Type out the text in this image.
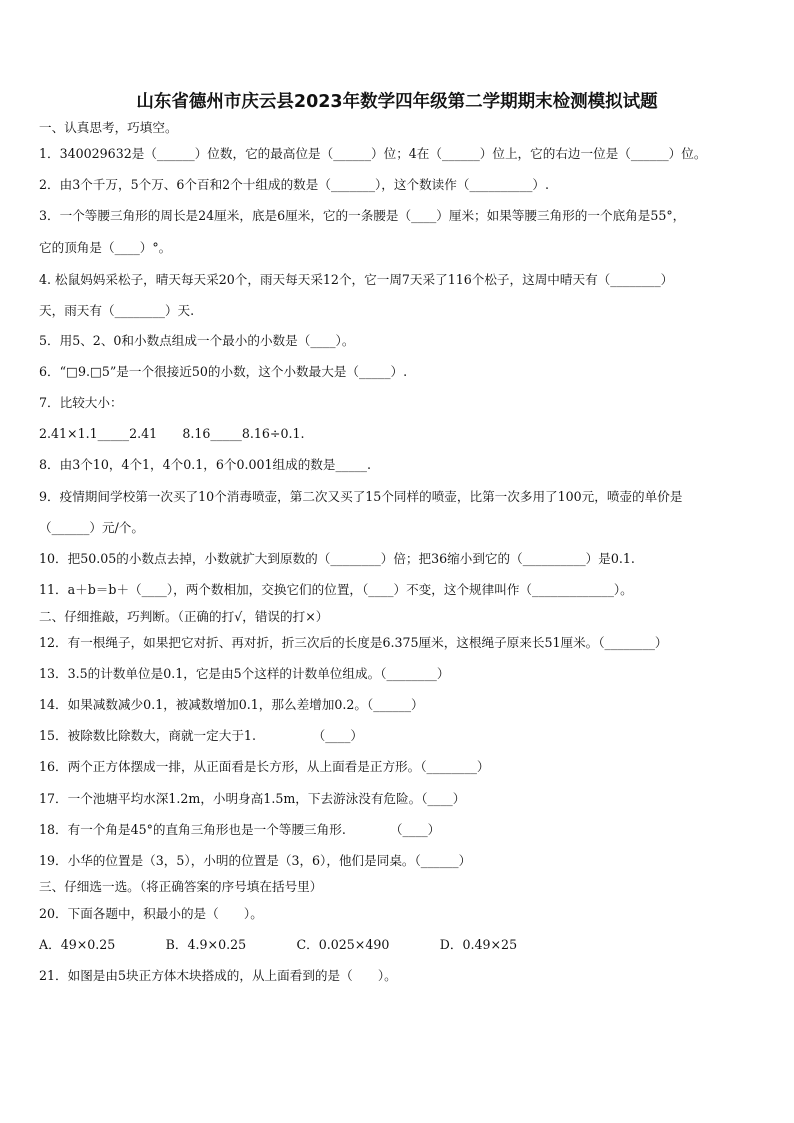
山东省德州市庆云县2023年数学四年级第二学期期末检测模拟试题
一、认真思考，巧填空。
1．340029632是（______）位数，它的最高位是（______）位；4在（______）位上，它的右边一位是（______）位。
2．由3个千万，5个万、6个百和2个十组成的数是（_______），这个数读作（__________）.
3．一个等腰三角形的周长是24厘米，底是6厘米，它的一条腰是（____）厘米；如果等腰三角形的一个底角是55°，
它的顶角是（____）°。
4. 松鼠妈妈采松子，晴天每天采20个，雨天每天采12个，它一周7天采了116个松子，这周中晴天有（________）
天，雨天有（________）天.
5．用5、2、0和小数点组成一个最小的小数是（____）。
6．“□9.□5”是一个很接近50的小数，这个小数最大是（_____）.
7．比较大小：
2.41×1.1_____2.41　　8.16_____8.16÷0.1.
8．由3个10，4个1，4个0.1，6个0.001组成的数是_____.
9．疫情期间学校第一次买了10个消毒喷壶，第二次又买了15个同样的喷壶，比第一次多用了100元，喷壶的单价是
（______）元/个。
10．把50.05的小数点去掉，小数就扩大到原数的（________）倍；把36缩小到它的（__________）是0.1.
11．a＋b＝b＋（____），两个数相加，交换它们的位置，（____）不变，这个规律叫作（_____________）。
二、仔细推敲，巧判断。（正确的打√，错误的打×）
12．有一根绳子，如果把它对折、再对折，折三次后的长度是6.375厘米，这根绳子原来长51厘米。（________）
13．3.5的计数单位是0.1，它是由5个这样的计数单位组成。（________）
14．如果减数减少0.1，被减数增加0.1，那么差增加0.2。（______）
15．被除数比除数大，商就一定大于1.　　　　　（____）
16．两个正方体摆成一排，从正面看是长方形，从上面看是正方形。（________）
17．一个池塘平均水深1.2m，小明身高1.5m，下去游泳没有危险。（____）
18．有一个角是45°的直角三角形也是一个等腰三角形.　　　　（____）
19．小华的位置是（3，5），小明的位置是（3，6），他们是同桌。（______）
三、仔细选一选。（将正确答案的序号填在括号里）
20．下面各题中，积最小的是（　　）。
A．49×0.25　　　　B．4.9×0.25　　　　C．0.025×490　　　　D．0.49×25
21．如图是由5块正方体木块搭成的，从上面看到的是（　　）。
